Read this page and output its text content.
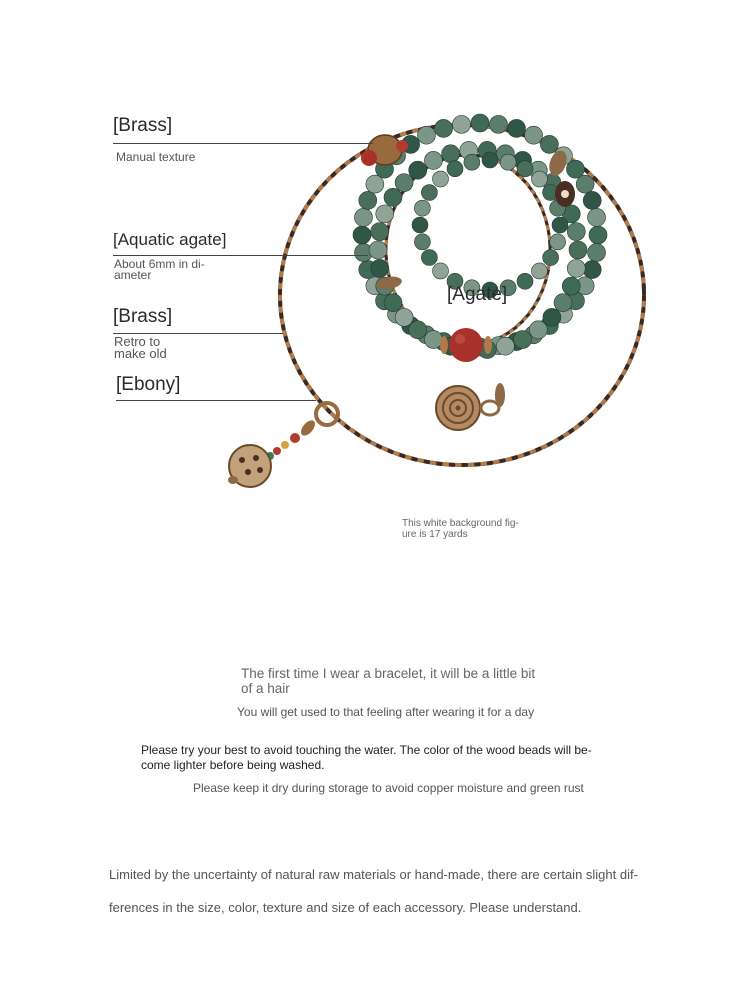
[Brass]
Manual texture
[Aquatic agate]
About 6mm in di-
ameter
[Brass]
Retro to
make old
[Ebony]
[Agate]
This white background fig-
ure is 17 yards
The first time I wear a bracelet, it will be a little bit of a hair
You will get used to that feeling after wearing it for a day
Please try your best to avoid touching the water. The color of the wood beads will be-come lighter before being washed.
Please keep it dry during storage to avoid copper moisture and green rust
Limited by the uncertainty of natural raw materials or hand-made, there are certain slight dif-
ferences in the size, color, texture and size of each accessory. Please understand.
